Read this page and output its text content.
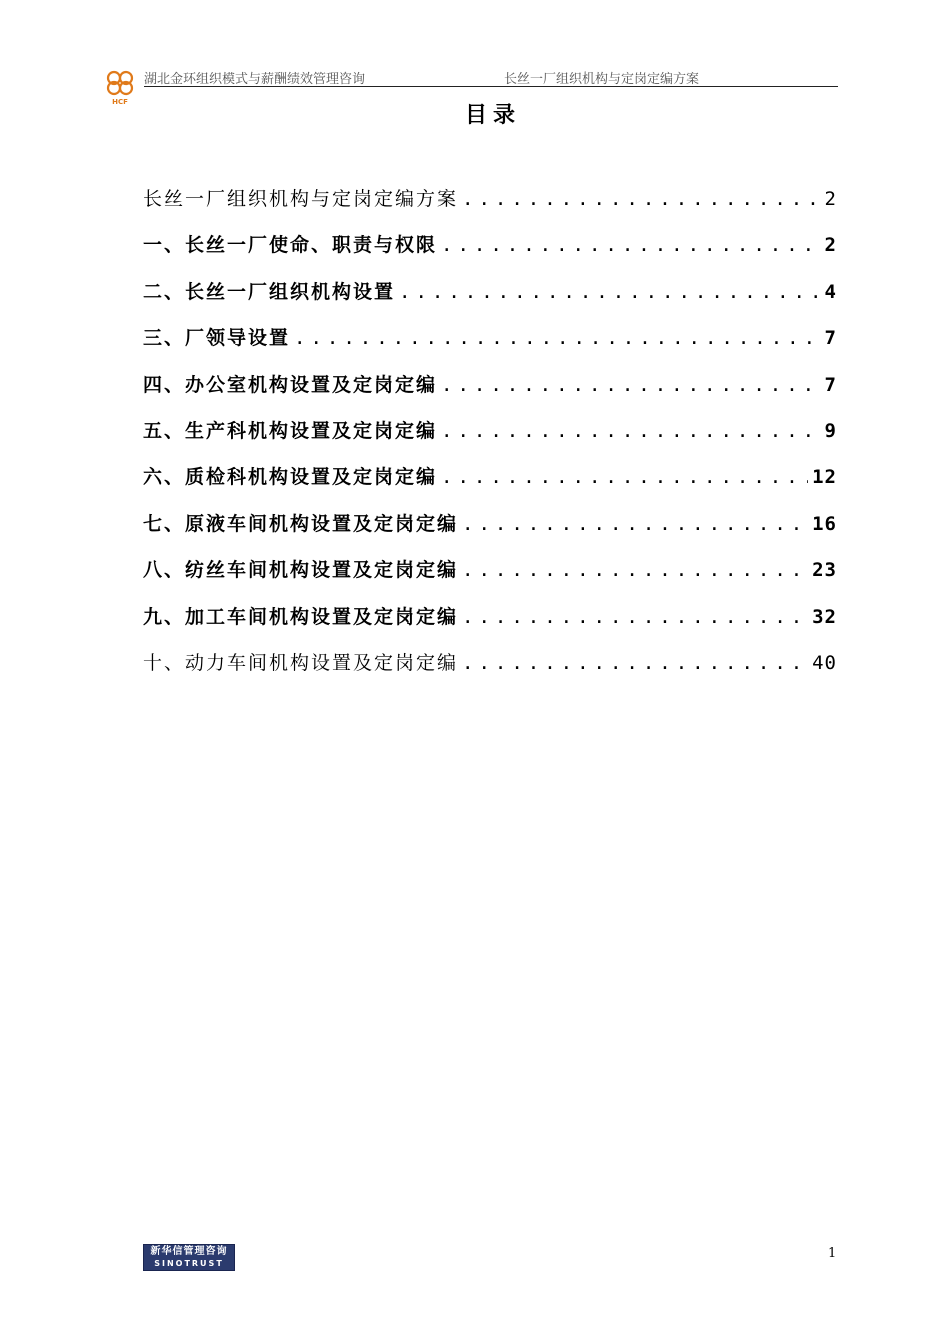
HCF
湖北金环组织模式与薪酬绩效管理咨询	长丝一厂组织机构与定岗定编方案
目录
长丝一厂组织机构与定岗定编方案 .....	2
一、长丝一厂使命、职责与权限 .....	2
二、长丝一厂组织机构设置 .....	4
三、厂领导设置 .....	7
四、办公室机构设置及定岗定编 .....	7
五、生产科机构设置及定岗定编 .....	9
六、质检科机构设置及定岗定编 .....	12
七、原液车间机构设置及定岗定编 .....	16
八、纺丝车间机构设置及定岗定编 .....	23
九、加工车间机构设置及定岗定编 .....	32
十、动力车间机构设置及定岗定编 .....	40
新华信管理咨询
SINOTRUST
1
